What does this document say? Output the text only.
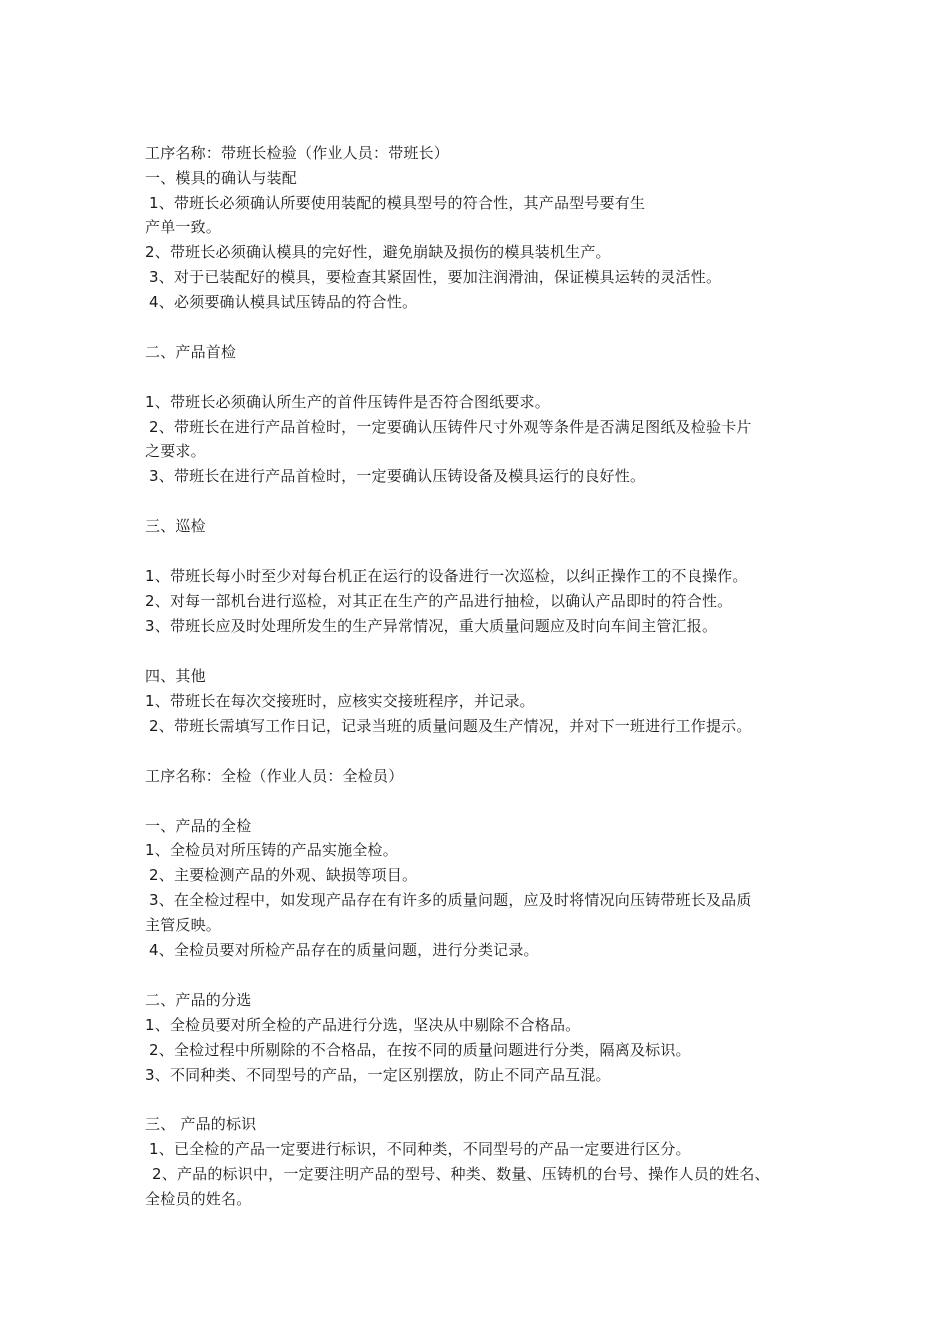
工序名称：带班长检验（作业人员：带班长）
一、模具的确认与装配
1、带班长必须确认所要使用装配的模具型号的符合性，其产品型号要有生
产单一致。
2、带班长必须确认模具的完好性，避免崩缺及损伤的模具装机生产。
3、对于已装配好的模具，要检查其紧固性，要加注润滑油，保证模具运转的灵活性。
4、必须要确认模具试压铸品的符合性。
二、产品首检
1、带班长必须确认所生产的首件压铸件是否符合图纸要求。
2、带班长在进行产品首检时，一定要确认压铸件尺寸外观等条件是否满足图纸及检验卡片
之要求。
3、带班长在进行产品首检时，一定要确认压铸设备及模具运行的良好性。
三、巡检
1、带班长每小时至少对每台机正在运行的设备进行一次巡检，以纠正操作工的不良操作。
2、对每一部机台进行巡检，对其正在生产的产品进行抽检，以确认产品即时的符合性。
3、带班长应及时处理所发生的生产异常情况，重大质量问题应及时向车间主管汇报。
四、其他
1、带班长在每次交接班时，应核实交接班程序，并记录。
2、带班长需填写工作日记，记录当班的质量问题及生产情况，并对下一班进行工作提示。
工序名称：全检（作业人员：全检员）
一、产品的全检
1、全检员对所压铸的产品实施全检。
2、主要检测产品的外观、缺损等项目。
3、在全检过程中，如发现产品存在有许多的质量问题，应及时将情况向压铸带班长及品质
主管反映。
4、全检员要对所检产品存在的质量问题，进行分类记录。
二、产品的分选
1、全检员要对所全检的产品进行分选，坚决从中剔除不合格品。
2、全检过程中所剔除的不合格品，在按不同的质量问题进行分类，隔离及标识。
3、不同种类、不同型号的产品，一定区别摆放，防止不同产品互混。
三、 产品的标识
1、已全检的产品一定要进行标识，不同种类，不同型号的产品一定要进行区分。
2、产品的标识中，一定要注明产品的型号、种类、数量、压铸机的台号、操作人员的姓名、
全检员的姓名。
